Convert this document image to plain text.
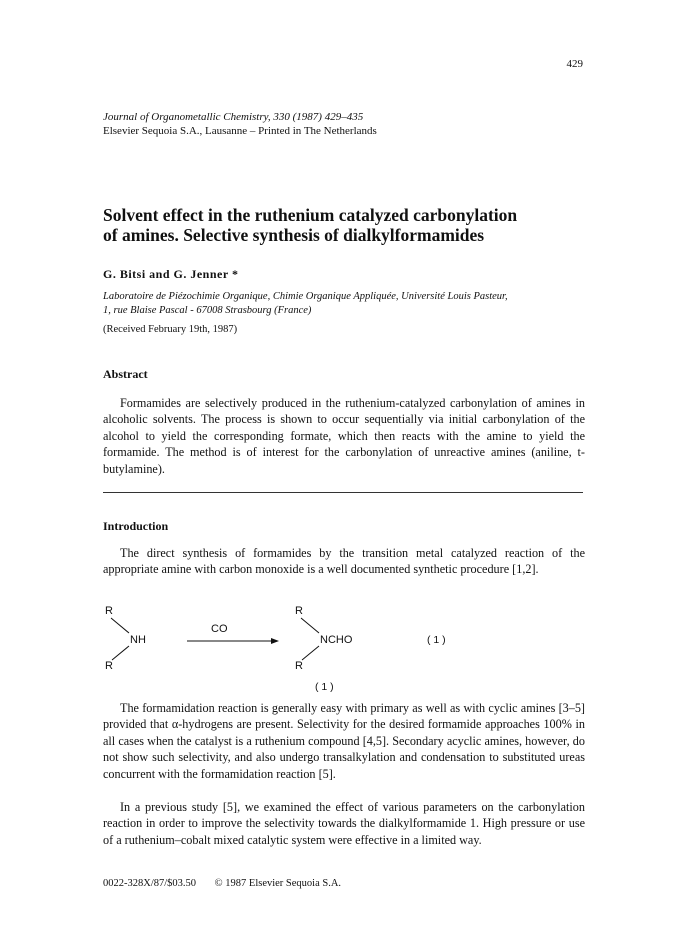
429
Journal of Organometallic Chemistry, 330 (1987) 429–435
Elsevier Sequoia S.A., Lausanne – Printed in The Netherlands
Solvent effect in the ruthenium catalyzed carbonylation
of amines. Selective synthesis of dialkylformamides
G. Bitsi and G. Jenner *
Laboratoire de Piézochimie Organique, Chimie Organique Appliquée, Université Louis Pasteur,
1, rue Blaise Pascal - 67008 Strasbourg (France)
(Received February 19th, 1987)
Abstract

Formamides are selectively produced in the ruthenium-catalyzed carbonylation of amines in alcoholic solvents. The process is shown to occur sequentially via initial carbonylation of the alcohol to yield the corresponding formate, which then reacts with the amine to yield the formamide. The method is of interest for the carbonylation of unreactive amines (aniline, t-butylamine).

Introduction

The direct synthesis of formamides by the transition metal catalyzed reaction of the appropriate amine with carbon monoxide is a well documented synthetic procedure [1,2].

R
NH
R
CO
R
NCHO
R
( 1 )
( 1 )

The formamidation reaction is generally easy with primary as well as with cyclic amines [3–5] provided that α-hydrogens are present. Selectivity for the desired formamide approaches 100% in all cases when the catalyst is a ruthenium compound [4,5]. Secondary acyclic amines, however, do not show such selectivity, and also undergo transalkylation and condensation to substituted ureas concurrent with the formamidation reaction [5].

In a previous study [5], we examined the effect of various parameters on the carbonylation reaction in order to improve the selectivity towards the dialkylformamide 1. High pressure or use of a ruthenium–cobalt mixed catalytic system were effective in a limited way.

0022-328X/87/$03.50 © 1987 Elsevier Sequoia S.A.
